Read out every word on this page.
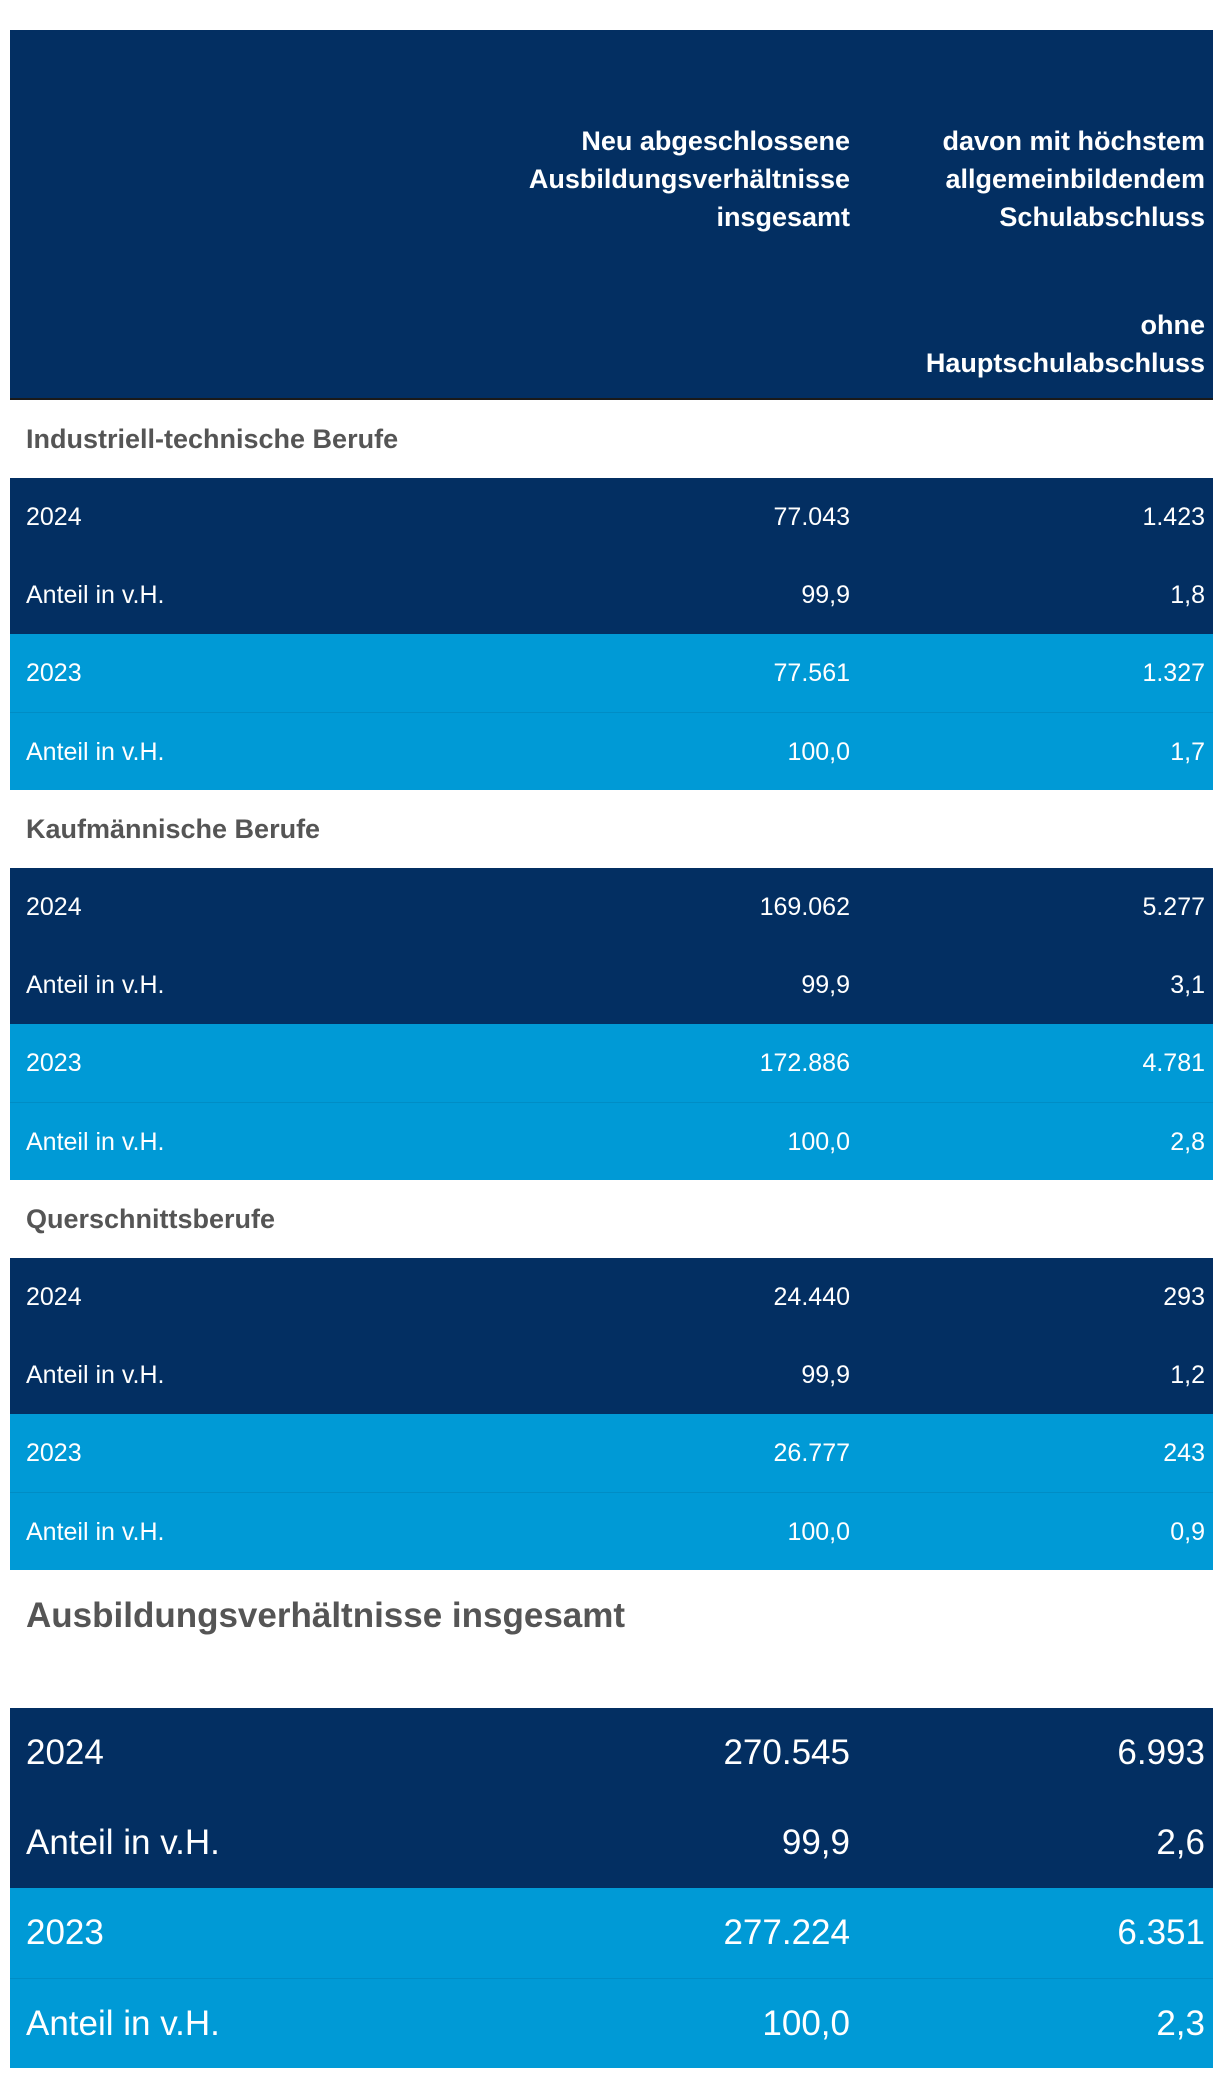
Neu abgeschlossene Ausbildungsverhältnisse insgesamt
davon mit höchstem allgemeinbildendem Schulabschluss
ohne Hauptschulabschluss
Industriell-technische Berufe
2024	77.043	1.423
Anteil in v.H.	99,9	1,8
2023	77.561	1.327
Anteil in v.H.	100,0	1,7
Kaufmännische Berufe
2024	169.062	5.277
Anteil in v.H.	99,9	3,1
2023	172.886	4.781
Anteil in v.H.	100,0	2,8
Querschnittsberufe
2024	24.440	293
Anteil in v.H.	99,9	1,2
2023	26.777	243
Anteil in v.H.	100,0	0,9
Ausbildungsverhältnisse insgesamt
2024	270.545	6.993
Anteil in v.H.	99,9	2,6
2023	277.224	6.351
Anteil in v.H.	100,0	2,3
